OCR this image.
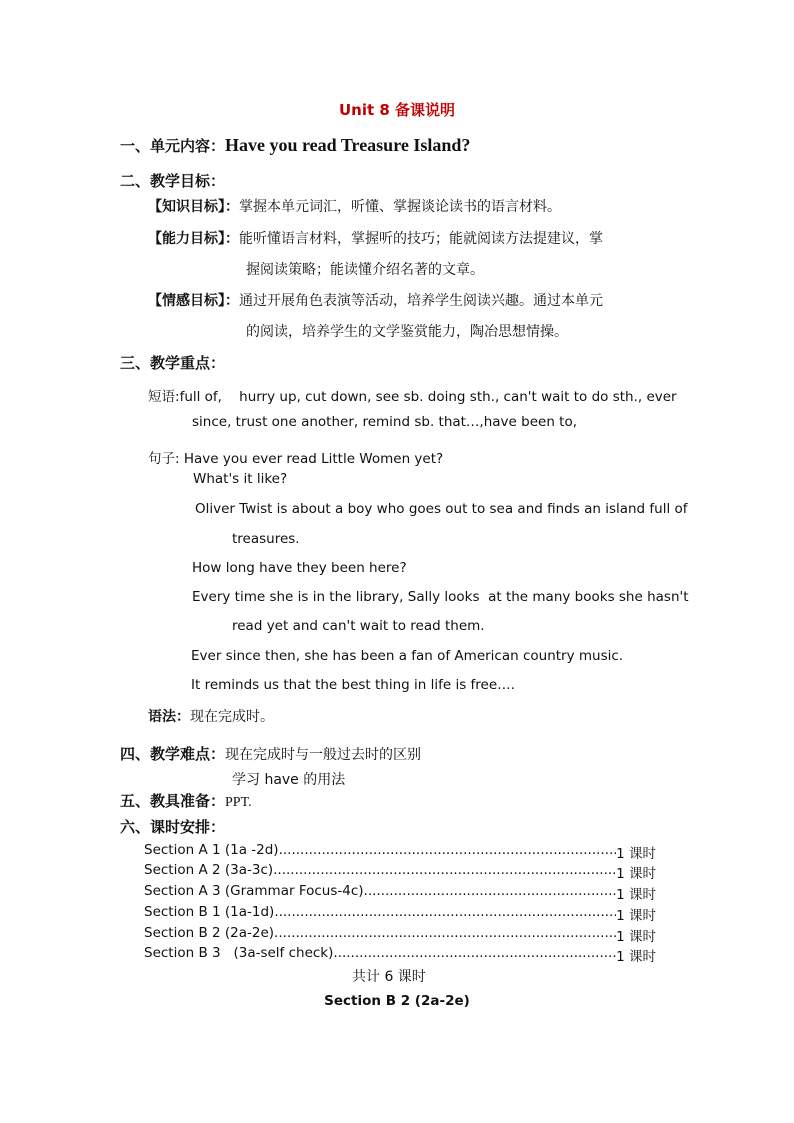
Unit 8 备课说明
一、单元内容：Have you read Treasure Island?
二、教学目标：
【知识目标】：掌握本单元词汇，听懂、掌握谈论读书的语言材料。
【能力目标】：能听懂语言材料，掌握听的技巧；能就阅读方法提建议，掌
握阅读策略；能读懂介绍名著的文章。
【情感目标】：通过开展角色表演等活动，培养学生阅读兴趣。通过本单元
的阅读，培养学生的文学鉴赏能力，陶冶思想情操。
三、教学重点：
短语:full of,    hurry up, cut down, see sb. doing sth., can't wait to do sth., ever
since, trust one another, remind sb. that…,have been to,
句子: Have you ever read Little Women yet?
What's it like?
Oliver Twist is about a boy who goes out to sea and finds an island full of
treasures.
How long have they been here?
Every time she is in the library, Sally looks  at the many books she hasn't
read yet and can't wait to read them.
Ever since then, she has been a fan of American country music.
It reminds us that the best thing in life is free….
语法：现在完成时。
四、教学难点：现在完成时与一般过去时的区别
学习 have 的用法
五、教具准备：PPT.
六、课时安排：
Section A 1 (1a -2d) .....	1 课时
Section A 2 (3a-3c) .....	1 课时
Section A 3 (Grammar Focus-4c) .....	1 课时
Section B 1 (1a-1d) .....	1 课时
Section B 2 (2a-2e) .....	1 课时
Section B 3   (3a-self check) .....	1 课时
共计 6 课时
Section B 2 (2a-2e)
